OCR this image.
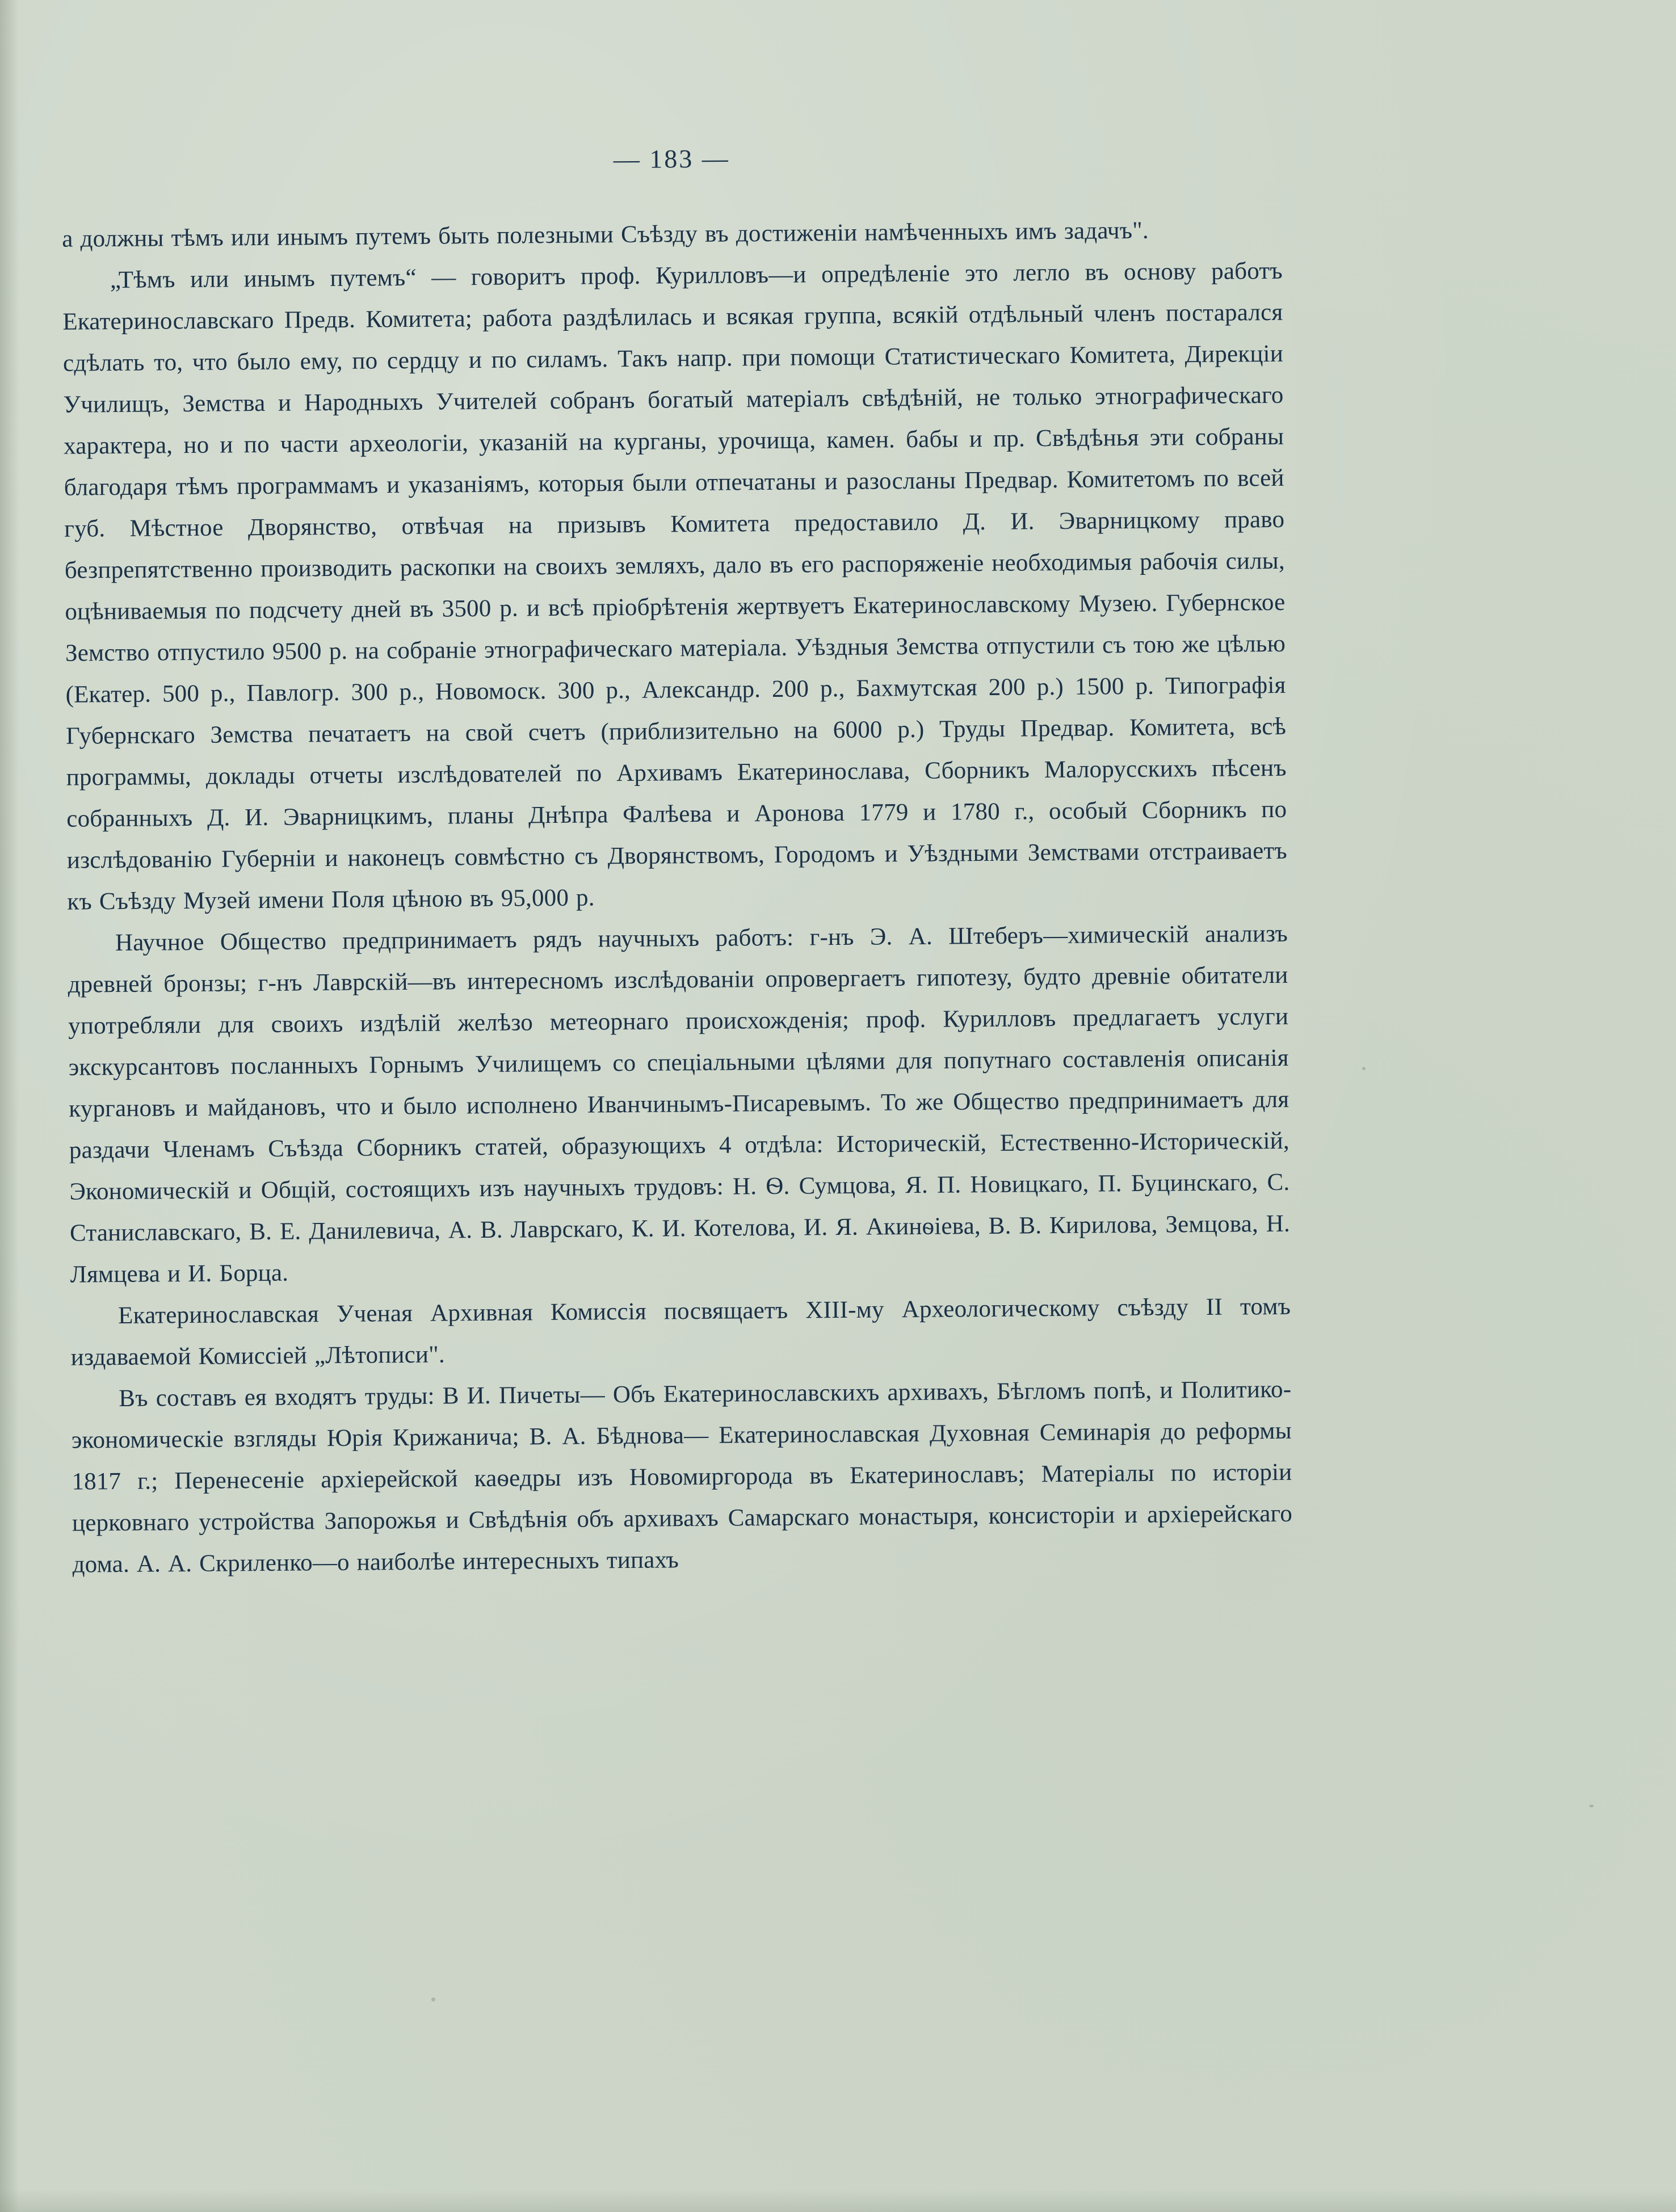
— 183 —

а должны тѣмъ или инымъ путемъ быть полезными Съѣзду въ достиженіи намѣченныхъ имъ задачъ".

„Тѣмъ или инымъ путемъ“ — говоритъ проф. Курилловъ—и опредѣленіе это легло въ основу работъ Екатеринославскаго Предв. Комитета; работа раздѣлилась и всякая группа, всякій отдѣльный членъ постарался сдѣлать то, что было ему, по сердцу и по силамъ. Такъ напр. при помощи Статистическаго Комитета, Дирекціи Училищъ, Земства и Народныхъ Учителей собранъ богатый матеріалъ свѣдѣній, не только этнографическаго характера, но и по части археологіи, указаній на курганы, урочища, камен. бабы и пр. Свѣдѣнья эти собраны благодаря тѣмъ программамъ и указаніямъ, которыя были отпечатаны и разосланы Предвар. Комитетомъ по всей губ. Мѣстное Дворянство, отвѣчая на призывъ Комитета предоставило Д. И. Эварницкому право безпрепятственно производить раскопки на своихъ земляхъ, дало въ его распоряженіе необходимыя рабочія силы, оцѣниваемыя по подсчету дней въ 3500 р. и всѣ пріобрѣтенія жертвуетъ Екатеринославскому Музею. Губернское Земство отпустило 9500 р. на собраніе этнографическаго матеріала. Уѣздныя Земства отпустили съ тою же цѣлью (Екатер. 500 р., Павлогр. 300 р., Новомоск. 300 р., Александр. 200 р., Бахмутская 200 р.) 1500 р. Типографія Губернскаго Земства печатаетъ на свой счетъ (приблизительно на 6000 р.) Труды Предвар. Комитета, всѣ программы, доклады отчеты изслѣдователей по Архивамъ Екатеринослава, Сборникъ Малорусскихъ пѣсенъ собранныхъ Д. И. Эварницкимъ, планы Днѣпра Фалѣева и Аронова 1779 и 1780 г., особый Сборникъ по изслѣдованію Губерніи и наконецъ совмѣстно съ Дворянствомъ, Городомъ и Уѣздными Земствами отстраиваетъ къ Съѣзду Музей имени Поля цѣною въ 95,000 р.

Научное Общество предпринимаетъ рядъ научныхъ работъ: г-нъ Э. А. Штеберъ—химическій анализъ древней бронзы; г-нъ Лаврскій—въ интересномъ изслѣдованіи опровергаетъ гипотезу, будто древніе обитатели употребляли для своихъ издѣлій желѣзо метеорнаго происхожденія; проф. Курилловъ предлагаетъ услуги экскурсантовъ посланныхъ Горнымъ Училищемъ со спеціальными цѣлями для попутнаго составленія описанія кургановъ и майдановъ, что и было исполнено Иванчинымъ-Писаревымъ. То же Общество предпринимаетъ для раздачи Членамъ Съѣзда Сборникъ статей, образующихъ 4 отдѣла: Историческій, Естественно-Историческій, Экономическій и Общій, состоящихъ изъ научныхъ трудовъ: Н. Ѳ. Сумцова, Я. П. Новицкаго, П. Буцинскаго, С. Станиславскаго, В. Е. Данилевича, А. В. Лаврскаго, К. И. Котелова, И. Я. Акинѳіева, В. В. Кирилова, Земцова, Н. Лямцева и И. Борца.

Екатеринославская Ученая Архивная Комиссія посвящаетъ XIII-му Археологическому съѣзду II томъ издаваемой Комиссіей „Лѣтописи".

Въ составъ ея входятъ труды: В И. Пичеты— Объ Екатеринославскихъ архивахъ, Бѣгломъ попѣ, и Политико-экономическіе взгляды Юрія Крижанича; В. А. Бѣднова— Екатеринославская Духовная Семинарія до реформы 1817 г.; Перенесеніе архіерейской каѳедры изъ Новомиргорода въ Екатеринославъ; Матеріалы по исторіи церковнаго устройства Запорожья и Свѣдѣнія объ архивахъ Самарскаго монастыря, консисторіи и архіерейскаго дома. А. А. Скриленко—о наиболѣе интересныхъ типахъ
